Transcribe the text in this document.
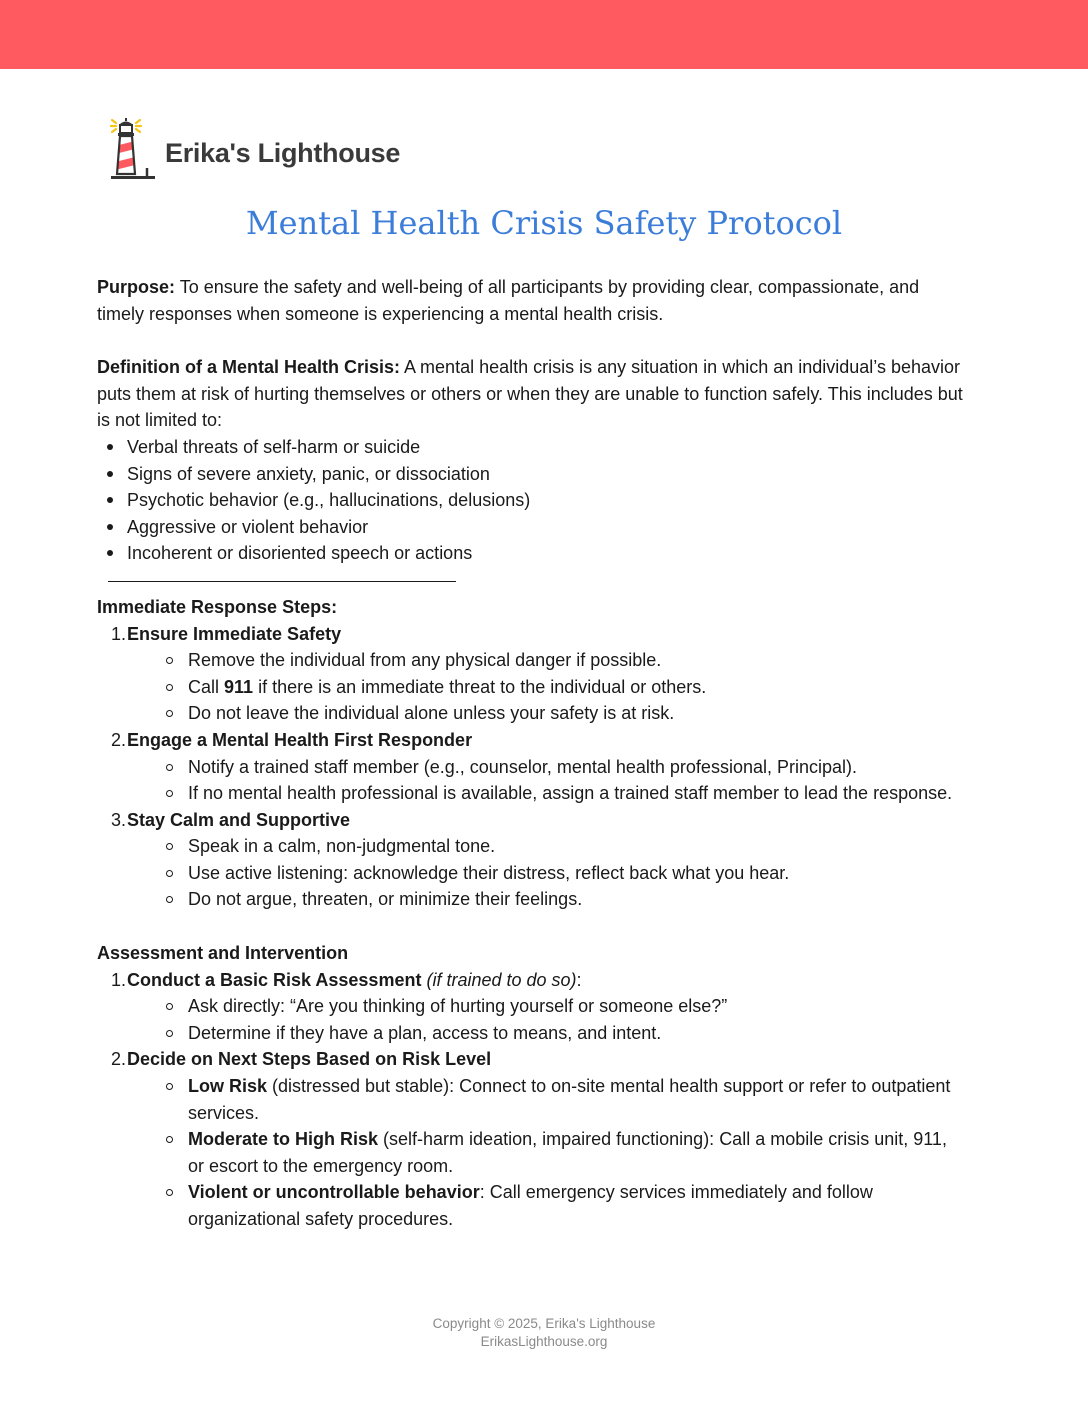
Erika's Lighthouse
Mental Health Crisis Safety Protocol

Purpose: To ensure the safety and well-being of all participants by providing clear, compassionate, and timely responses when someone is experiencing a mental health crisis.

Definition of a Mental Health Crisis: A mental health crisis is any situation in which an individual’s behavior puts them at risk of hurting themselves or others or when they are unable to function safely. This includes but is not limited to:

Verbal threats of self-harm or suicide
Signs of severe anxiety, panic, or dissociation
Psychotic behavior (e.g., hallucinations, delusions)
Aggressive or violent behavior
Incoherent or disoriented speech or actions

Immediate Response Steps:

1. Ensure Immediate Safety
Remove the individual from any physical danger if possible.
Call 911 if there is an immediate threat to the individual or others.
Do not leave the individual alone unless your safety is at risk.
2. Engage a Mental Health First Responder
Notify a trained staff member (e.g., counselor, mental health professional, Principal).
If no mental health professional is available, assign a trained staff member to lead the response.
3. Stay Calm and Supportive
Speak in a calm, non-judgmental tone.
Use active listening: acknowledge their distress, reflect back what you hear.
Do not argue, threaten, or minimize their feelings.

Assessment and Intervention

1. Conduct a Basic Risk Assessment (if trained to do so):
Ask directly: “Are you thinking of hurting yourself or someone else?”
Determine if they have a plan, access to means, and intent.
2. Decide on Next Steps Based on Risk Level
Low Risk (distressed but stable): Connect to on-site mental health support or refer to outpatient services.
Moderate to High Risk (self-harm ideation, impaired functioning): Call a mobile crisis unit, 911, or escort to the emergency room.
Violent or uncontrollable behavior: Call emergency services immediately and follow organizational safety procedures.
Copyright © 2025, Erika's Lighthouse
ErikasLighthouse.org
